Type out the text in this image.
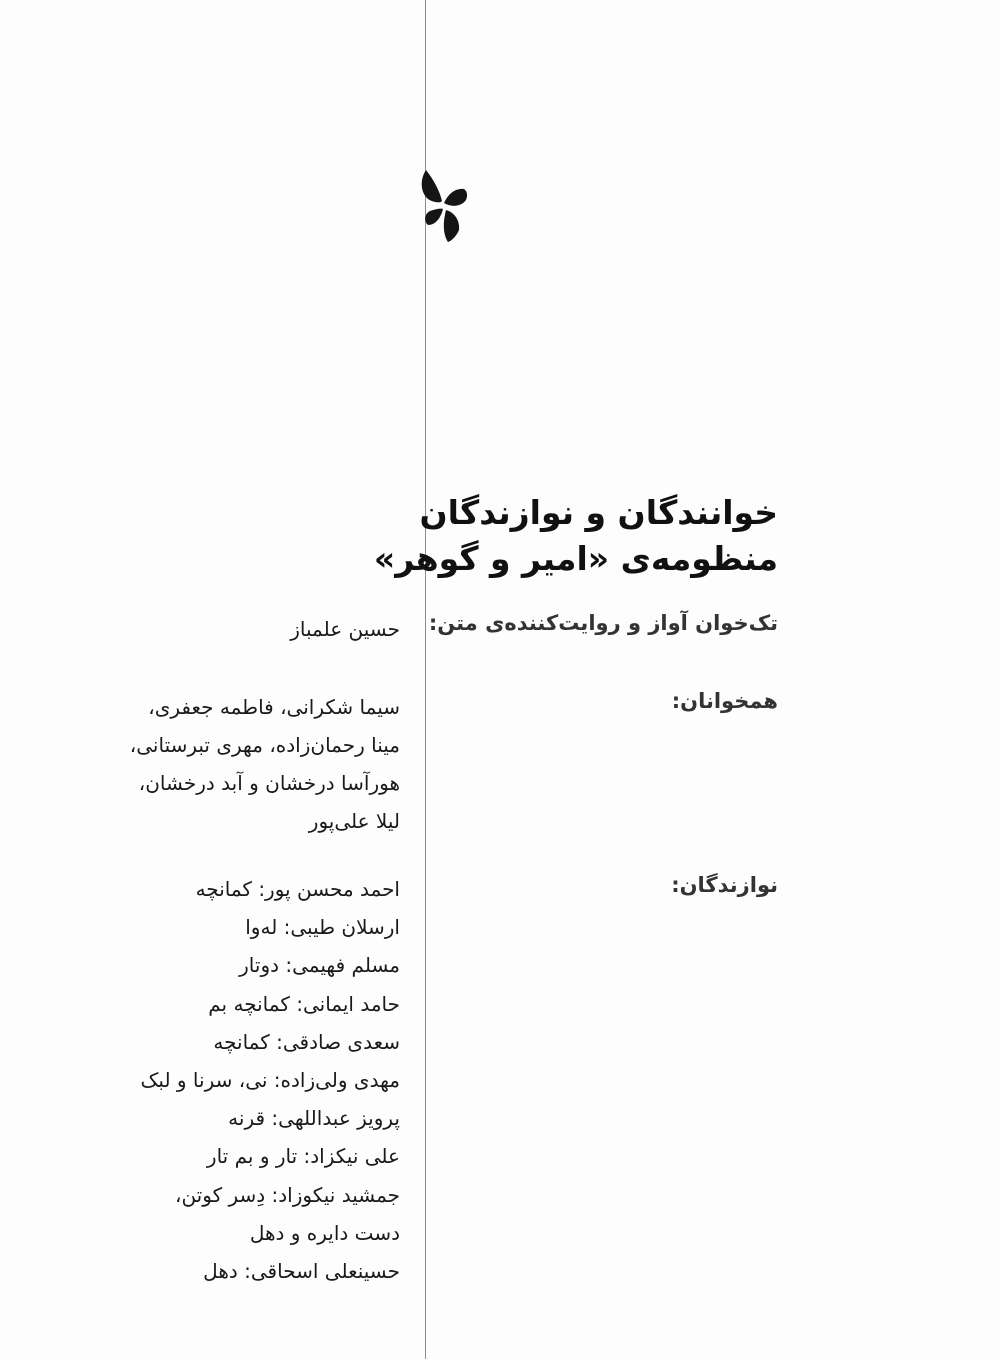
خوانندگان و نوازندگان
منظومه‌ی «امیر و گوهر»
تک‌خوان آواز و روایت‌کننده‌ی متن:
حسین علمباز
همخوانان:
سیما شکرانی، فاطمه جعفری،
مینا رحمان‌زاده، مهری تبرستانی،
هورآسا درخشان و آبد درخشان،
لیلا علی‌پور
نوازندگان:
احمد محسن پور: کمانچه
ارسلان طیبی: له‌وا
مسلم فهیمی: دوتار
حامد ایمانی: کمانچه بم
سعدی صادقی: کمانچه
مهدی ولی‌زاده: نی، سرنا و لبک
پرویز عبداللهی: قرنه
علی نیکزاد: تار و بم تار
جمشید نیکوزاد: دِسر کوتن،
دست دایره و دهل
حسینعلی اسحاقی: دهل
